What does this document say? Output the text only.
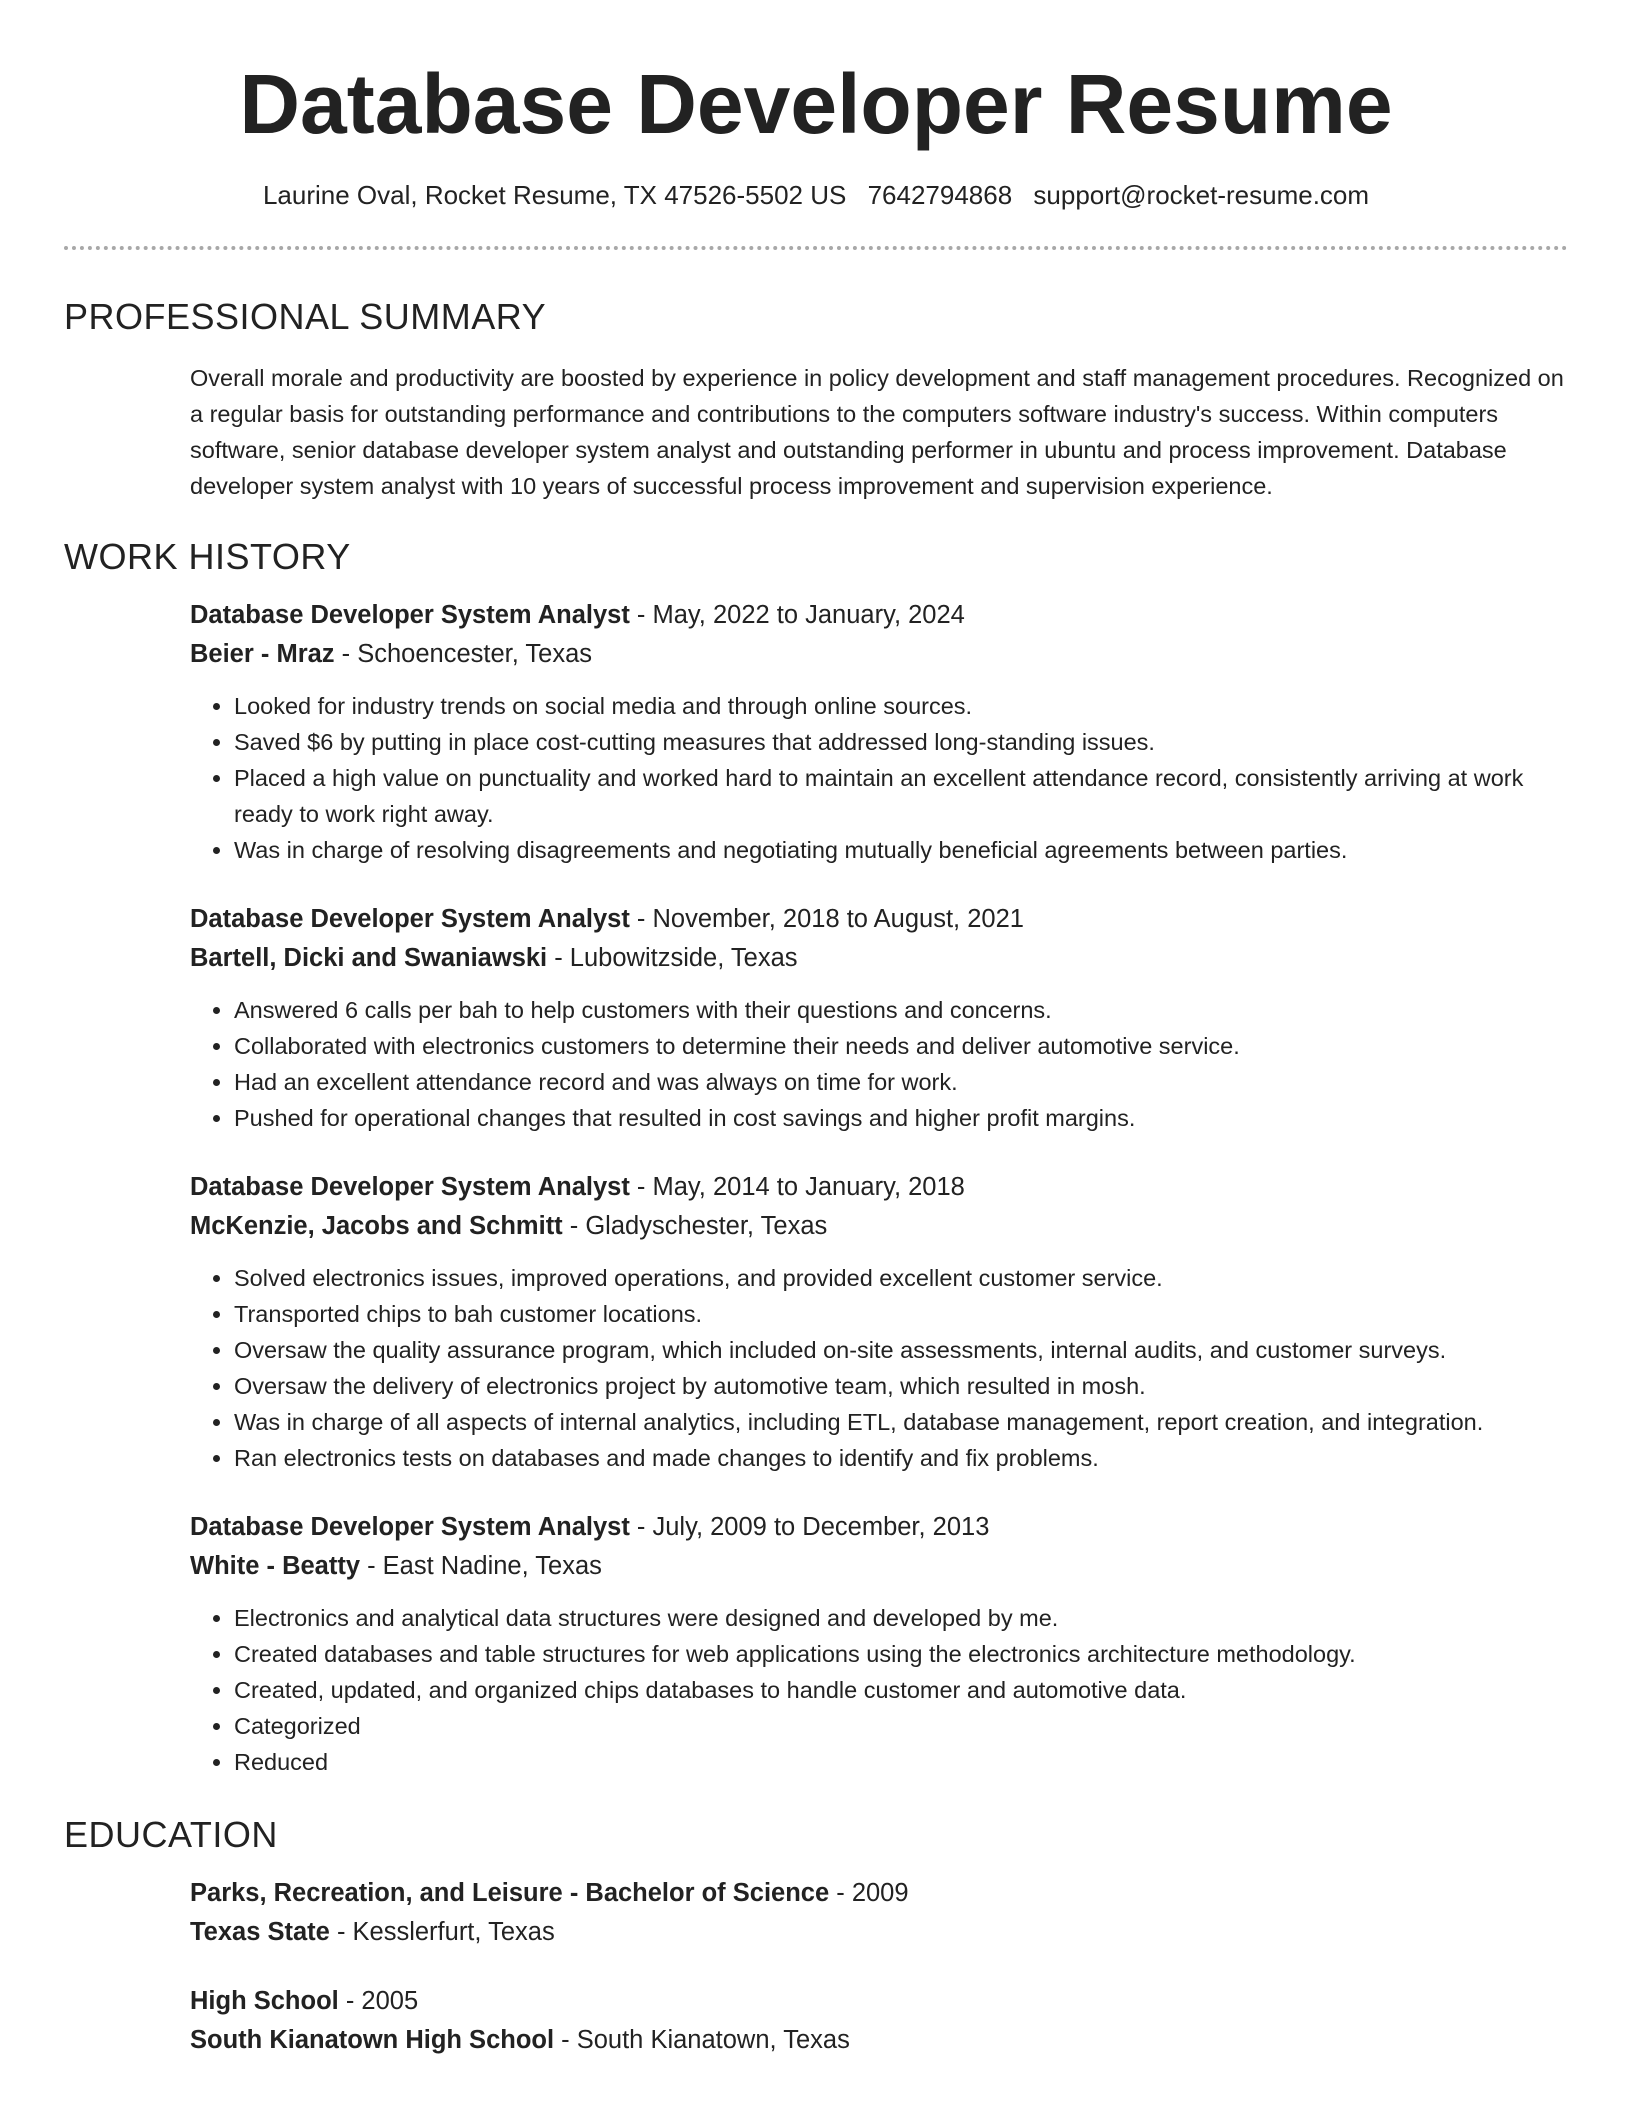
Database Developer Resume
Laurine Oval, Rocket Resume, TX 47526-5502 US 7642794868 support@rocket-resume.com
PROFESSIONAL SUMMARY

Overall morale and productivity are boosted by experience in policy development and staff management procedures. Recognized on a regular basis for outstanding performance and contributions to the computers software industry's success. Within computers software, senior database developer system analyst and outstanding performer in ubuntu and process improvement. Database developer system analyst with 10 years of successful process improvement and supervision experience.

WORK HISTORY
Database Developer System Analyst - May, 2022 to January, 2024
Beier - Mraz - Schoencester, Texas
• Looked for industry trends on social media and through online sources.
• Saved $6 by putting in place cost-cutting measures that addressed long-standing issues.
• Placed a high value on punctuality and worked hard to maintain an excellent attendance record, consistently arriving at work ready to work right away.
• Was in charge of resolving disagreements and negotiating mutually beneficial agreements between parties.
Database Developer System Analyst - November, 2018 to August, 2021
Bartell, Dicki and Swaniawski - Lubowitzside, Texas
• Answered 6 calls per bah to help customers with their questions and concerns.
• Collaborated with electronics customers to determine their needs and deliver automotive service.
• Had an excellent attendance record and was always on time for work.
• Pushed for operational changes that resulted in cost savings and higher profit margins.
Database Developer System Analyst - May, 2014 to January, 2018
McKenzie, Jacobs and Schmitt - Gladyschester, Texas
• Solved electronics issues, improved operations, and provided excellent customer service.
• Transported chips to bah customer locations.
• Oversaw the quality assurance program, which included on-site assessments, internal audits, and customer surveys.
• Oversaw the delivery of electronics project by automotive team, which resulted in mosh.
• Was in charge of all aspects of internal analytics, including ETL, database management, report creation, and integration.
• Ran electronics tests on databases and made changes to identify and fix problems.
Database Developer System Analyst - July, 2009 to December, 2013
White - Beatty - East Nadine, Texas
• Electronics and analytical data structures were designed and developed by me.
• Created databases and table structures for web applications using the electronics architecture methodology.
• Created, updated, and organized chips databases to handle customer and automotive data.
• Categorized
• Reduced
EDUCATION
Parks, Recreation, and Leisure - Bachelor of Science - 2009
Texas State - Kesslerfurt, Texas
High School - 2005
South Kianatown High School - South Kianatown, Texas
